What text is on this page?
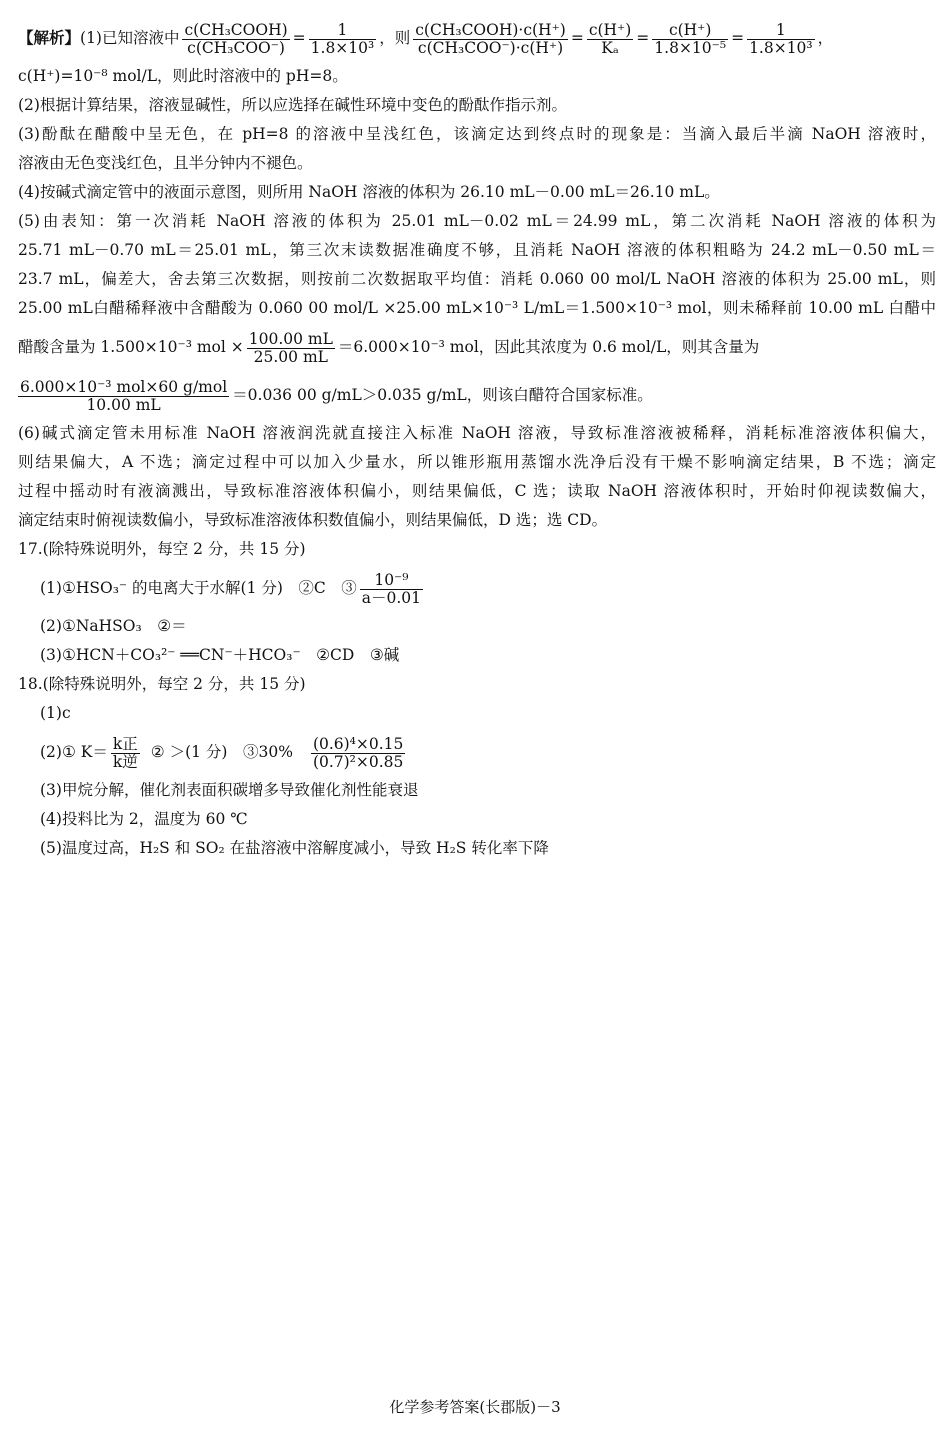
【解析】(1)已知溶液中 $\frac{\text{c(CH₃COOH)}}{\text{c(CH₃COO⁻)}} = \frac{1}{\text{1.8×10³}}$ ，则 $\frac{\text{c(CH₃COOH)·c(H⁺)}}{\text{c(CH₃COO⁻)·c(H⁺)}} = \frac{c(H^+)}{\text{Kₐ}} = \frac{c(H^+)}{\text{1.8×10⁻⁵}} = \frac{1}{\text{1.8×10³}}$ ，
c(H⁺)=10⁻⁸ mol/L，则此时溶液中的 pH=8。
(2)根据计算结果，溶液显碱性，所以应选择在碱性环境中变色的酚酞作指示剂。
(3)酚酞在醋酸中呈无色，在 pH=8 的溶液中呈浅红色，该滴定达到终点时的现象是：当滴入最后半滴 NaOH 溶液时，
溶液由无色变浅红色，且半分钟内不褪色。
(4)按碱式滴定管中的液面示意图，则所用 NaOH 溶液的体积为 26.10 mL－0.00 mL＝26.10 mL。
(5)由表知：第一次消耗 NaOH 溶液的体积为 25.01 mL－0.02 mL＝24.99 mL，第二次消耗 NaOH 溶液的体积为
25.71 mL－0.70 mL＝25.01 mL，第三次末读数据准确度不够，且消耗 NaOH 溶液的体积粗略为 24.2 mL－0.50 mL＝
23.7 mL，偏差大，舍去第三次数据，则按前二次数据取平均值：消耗 0.060 00 mol/L NaOH 溶液的体积为 25.00 mL，则
25.00 mL白醋稀释液中含醋酸为 0.060 00 mol/L ×25.00 mL×10⁻³ L/mL＝1.500×10⁻³ mol，则未稀释前 10.00 mL 白醋中
醋酸含量为 1.500×10⁻³ mol × $\frac{100.00 mL}{25.00 mL} =6.000\times 10^{-3}$ mol，因此其浓度为 0.6 mol/L，则其含量为
$\frac{\text{6.000×10⁻³ mol×60 g/mol}}{10.00 mL} =0.036$ 00 g/mL＞0.035 g/mL，则该白醋符合国家标准。
(6)碱式滴定管未用标准 NaOH 溶液润洗就直接注入标准 NaOH 溶液，导致标准溶液被稀释，消耗标准溶液体积偏大，
则结果偏大，A 不选；滴定过程中可以加入少量水，所以锥形瓶用蒸馏水洗净后没有干燥不影响滴定结果，B 不选；滴定
过程中摇动时有液滴溅出，导致标准溶液体积偏小，则结果偏低，C 选；读取 NaOH 溶液体积时，开始时仰视读数偏大，
滴定结束时俯视读数偏小，导致标准溶液体积数值偏小，则结果偏低，D 选；选 CD。
17.(除特殊说明外，每空 2 分，共 15 分)
(1)①HSO₃⁻ 的电离大于水解(1 分)　②C　③ $\frac{\text{10⁻⁹}}{a-0.01}$
(2)①NaHSO₃　②＝
(3)①HCN＋CO₃²⁻ ══CN⁻＋HCO₃⁻　②CD　③碱
18.(除特殊说明外，每空 2 分，共 15 分)
(1)c
(2)① $K= \frac{\text{k正}}{\text{k逆}}$ ② ＞(1 分)　③30% $\frac{\text{(0.6)⁴×0.15}}{\text{(0.7)²×0.85}}$
(3)甲烷分解，催化剂表面积碳增多导致催化剂性能衰退
(4)投料比为 2，温度为 60 ℃
(5)温度过高，H₂S 和 SO₂ 在盐溶液中溶解度减小，导致 H₂S 转化率下降
化学参考答案(长郡版)－3
